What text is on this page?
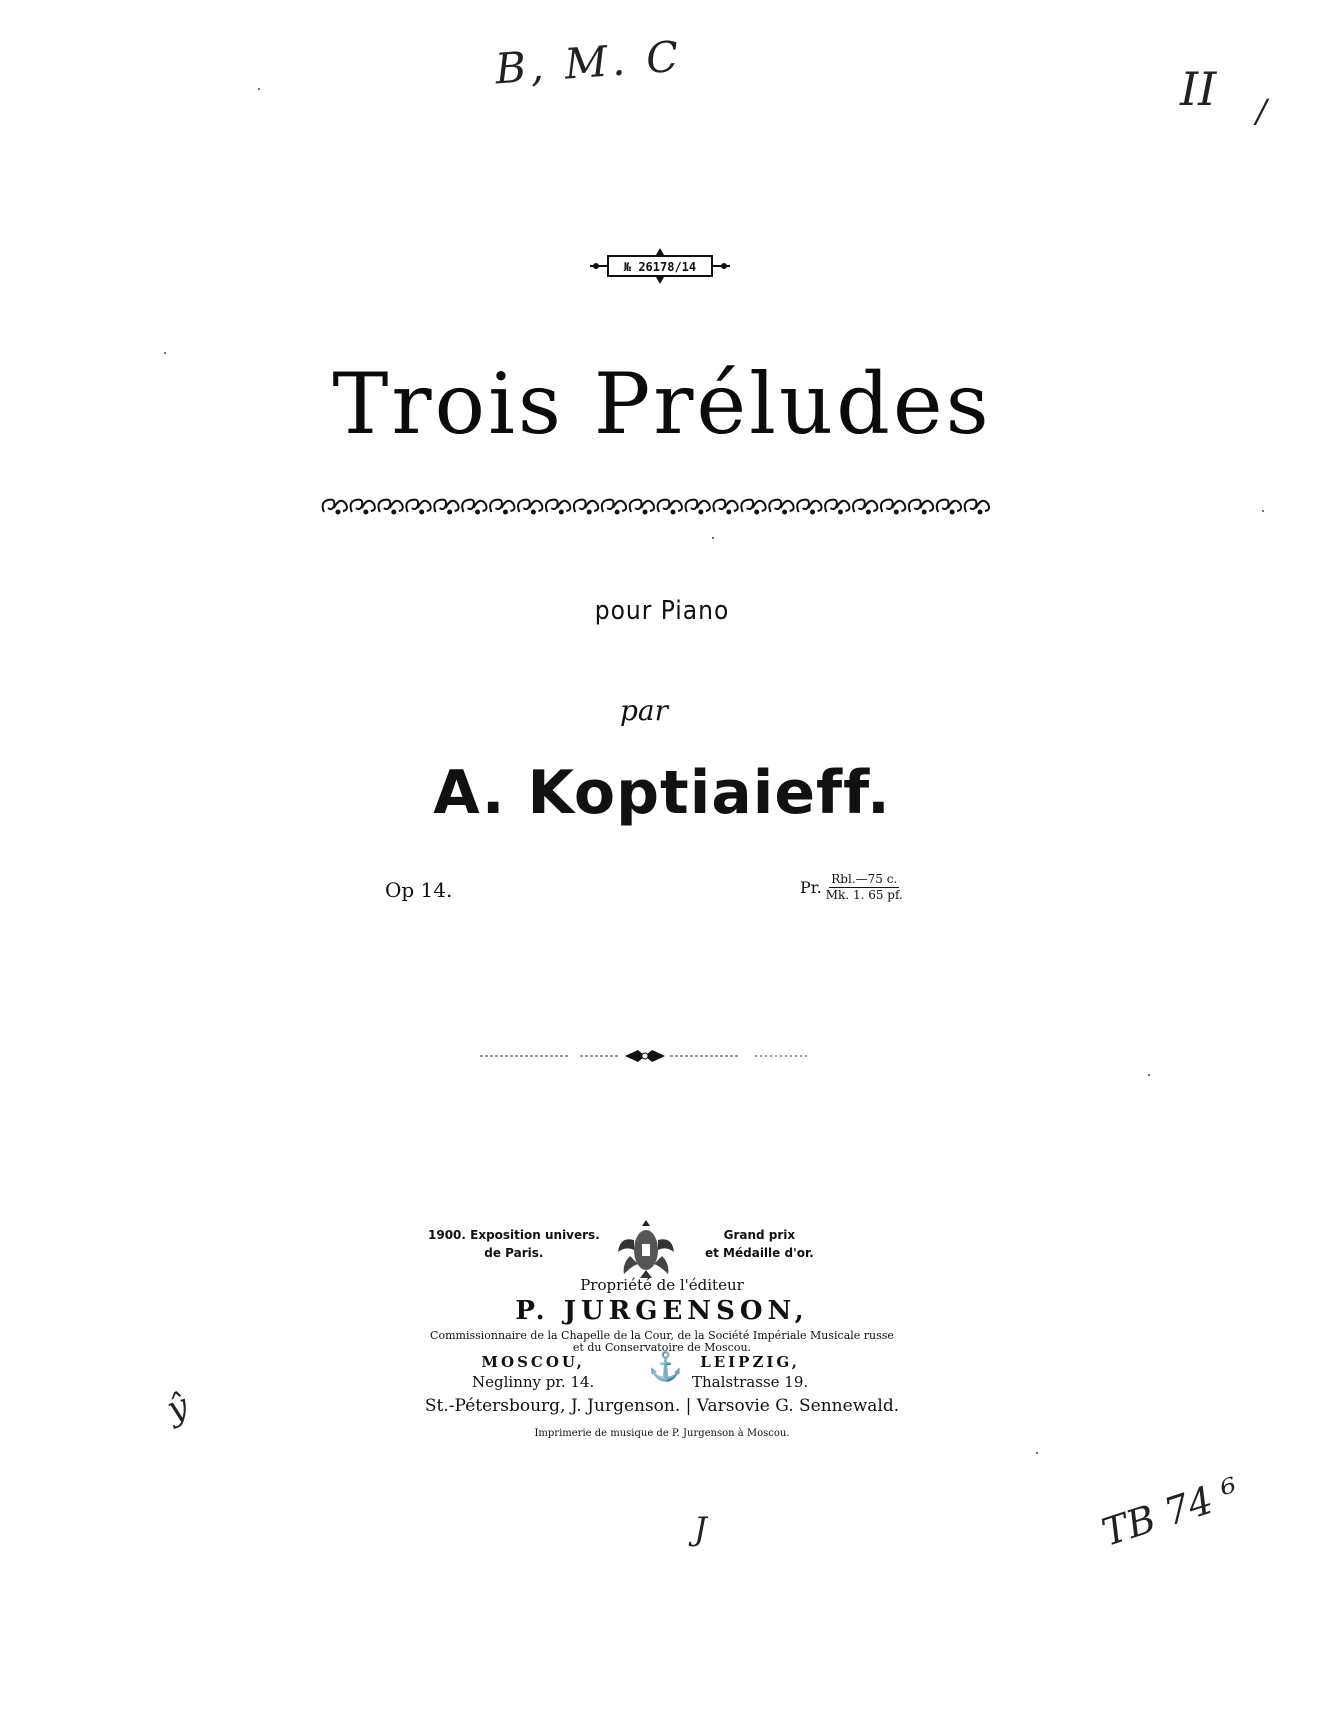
В, М. С	II /
ŷ
ТВ 74 ⁶
J
№ 26178/14
Trois Préludes
pour Piano
par
A. Koptiaieff.
Op 14.	Pr. $\frac{\text{Rbl.—75 c.}}{Mk. 1. 65 pf.}$
1900. Exposition univers.
de Paris.
Grand prix
et Médaille d'or.
Propriété de l'éditeur
P. JURGENSON,
Commissionnaire de la Chapelle de la Cour, de la Société Impériale Musicale russe
et du Conservatoire de Moscou.
MOSCOU,
Neglinny pr. 14. ⚓	LEIPZIG,
Thalstrasse 19.
St.-Pétersbourg, J. Jurgenson. | Varsovie G. Sennewald.
Imprimerie de musique de P. Jurgenson à Moscou.
